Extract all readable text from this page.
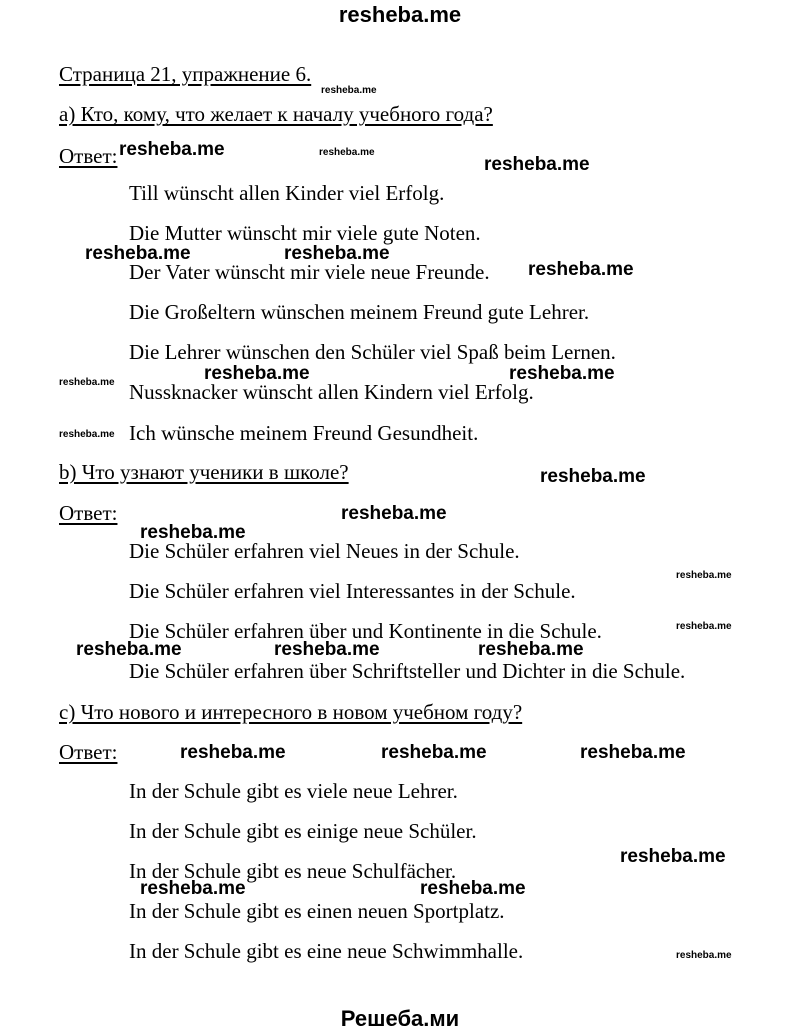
resheba.me
Страница 21, упражнение 6.
а) Кто, кому, что желает к началу учебного года?
Ответ:
Till wünscht allen Kinder viel Erfolg.
Die Mutter wünscht mir viele gute Noten.
Der Vater wünscht mir viele neue Freunde.
Die Großeltern wünschen meinem Freund gute Lehrer.
Die Lehrer wünschen den Schüler viel Spaß beim Lernen.
Nussknacker wünscht allen Kindern viel Erfolg.
Ich wünsche meinem Freund Gesundheit.
b) Что узнают ученики в школе?
Ответ:
Die Schüler erfahren viel Neues in der Schule.
Die Schüler erfahren viel Interessantes in der Schule.
Die Schüler erfahren über und Kontinente in die Schule.
Die Schüler erfahren über Schriftsteller und Dichter in die Schule.
c) Что нового и интересного в новом учебном году?
Ответ:
In der Schule gibt es viele neue Lehrer.
In der Schule gibt es einige neue Schüler.
In der Schule gibt es neue Schulfächer.
In der Schule gibt es einen neuen Sportplatz.
In der Schule gibt es eine neue Schwimmhalle.
resheba.me
resheba.me
resheba.me	resheba.me
resheba.me
resheba.me	resheba.me
resheba.me
resheba.me
resheba.me
resheba.me	resheba.me	resheba.me
resheba.me	resheba.me	resheba.me
resheba.me
resheba.me	resheba.me
resheba.me
resheba.me
resheba.me
resheba.me
resheba.me
resheba.me
resheba.me
Решеба.ми
